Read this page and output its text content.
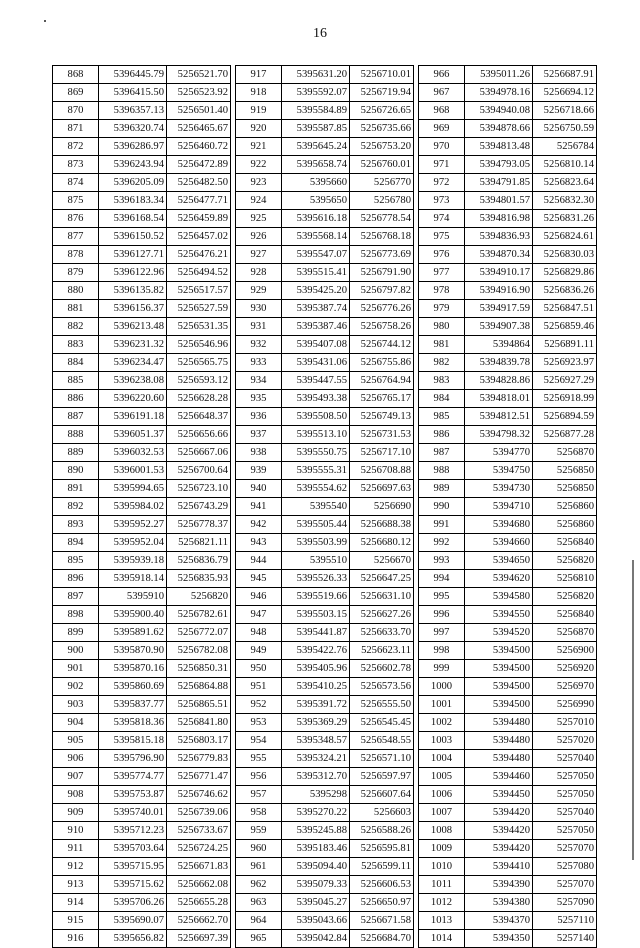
16
868	5396445.79	5256521.70
869	5396415.50	5256523.92
870	5396357.13	5256501.40
871	5396320.74	5256465.67
872	5396286.97	5256460.72
873	5396243.94	5256472.89
874	5396205.09	5256482.50
875	5396183.34	5256477.71
876	5396168.54	5256459.89
877	5396150.52	5256457.02
878	5396127.71	5256476.21
879	5396122.96	5256494.52
880	5396135.82	5256517.57
881	5396156.37	5256527.59
882	5396213.48	5256531.35
883	5396231.32	5256546.96
884	5396234.47	5256565.75
885	5396238.08	5256593.12
886	5396220.60	5256628.28
887	5396191.18	5256648.37
888	5396051.37	5256656.66
889	5396032.53	5256667.06
890	5396001.53	5256700.64
891	5395994.65	5256723.10
892	5395984.02	5256743.29
893	5395952.27	5256778.37
894	5395952.04	5256821.11
895	5395939.18	5256836.79
896	5395918.14	5256835.93
897	5395910	5256820
898	5395900.40	5256782.61
899	5395891.62	5256772.07
900	5395870.90	5256782.08
901	5395870.16	5256850.31
902	5395860.69	5256864.88
903	5395837.77	5256865.51
904	5395818.36	5256841.80
905	5395815.18	5256803.17
906	5395796.90	5256779.83
907	5395774.77	5256771.47
908	5395753.87	5256746.62
909	5395740.01	5256739.06
910	5395712.23	5256733.67
911	5395703.64	5256724.25
912	5395715.95	5256671.83
913	5395715.62	5256662.08
914	5395706.26	5256655.28
915	5395690.07	5256662.70
916	5395656.82	5256697.39
917	5395631.20	5256710.01
918	5395592.07	5256719.94
919	5395584.89	5256726.65
920	5395587.85	5256735.66
921	5395645.24	5256753.20
922	5395658.74	5256760.01
923	5395660	5256770
924	5395650	5256780
925	5395616.18	5256778.54
926	5395568.14	5256768.18
927	5395547.07	5256773.69
928	5395515.41	5256791.90
929	5395425.20	5256797.82
930	5395387.74	5256776.26
931	5395387.46	5256758.26
932	5395407.08	5256744.12
933	5395431.06	5256755.86
934	5395447.55	5256764.94
935	5395493.38	5256765.17
936	5395508.50	5256749.13
937	5395513.10	5256731.53
938	5395550.75	5256717.10
939	5395555.31	5256708.88
940	5395554.62	5256697.63
941	5395540	5256690
942	5395505.44	5256688.38
943	5395503.99	5256680.12
944	5395510	5256670
945	5395526.33	5256647.25
946	5395519.66	5256631.10
947	5395503.15	5256627.26
948	5395441.87	5256633.70
949	5395422.76	5256623.11
950	5395405.96	5256602.78
951	5395410.25	5256573.56
952	5395391.72	5256555.50
953	5395369.29	5256545.45
954	5395348.57	5256548.55
955	5395324.21	5256571.10
956	5395312.70	5256597.97
957	5395298	5256607.64
958	5395270.22	5256603
959	5395245.88	5256588.26
960	5395183.46	5256595.81
961	5395094.40	5256599.11
962	5395079.33	5256606.53
963	5395045.27	5256650.97
964	5395043.66	5256671.58
965	5395042.84	5256684.70
966	5395011.26	5256687.91
967	5394978.16	5256694.12
968	5394940.08	5256718.66
969	5394878.66	5256750.59
970	5394813.48	5256784
971	5394793.05	5256810.14
972	5394791.85	5256823.64
973	5394801.57	5256832.30
974	5394816.98	5256831.26
975	5394836.93	5256824.61
976	5394870.34	5256830.03
977	5394910.17	5256829.86
978	5394916.90	5256836.26
979	5394917.59	5256847.51
980	5394907.38	5256859.46
981	5394864	5256891.11
982	5394839.78	5256923.97
983	5394828.86	5256927.29
984	5394818.01	5256918.99
985	5394812.51	5256894.59
986	5394798.32	5256877.28
987	5394770	5256870
988	5394750	5256850
989	5394730	5256850
990	5394710	5256860
991	5394680	5256860
992	5394660	5256840
993	5394650	5256820
994	5394620	5256810
995	5394580	5256820
996	5394550	5256840
997	5394520	5256870
998	5394500	5256900
999	5394500	5256920
1000	5394500	5256970
1001	5394500	5256990
1002	5394480	5257010
1003	5394480	5257020
1004	5394480	5257040
1005	5394460	5257050
1006	5394450	5257050
1007	5394420	5257040
1008	5394420	5257050
1009	5394420	5257070
1010	5394410	5257080
1011	5394390	5257070
1012	5394380	5257090
1013	5394370	5257110
1014	5394350	5257140
